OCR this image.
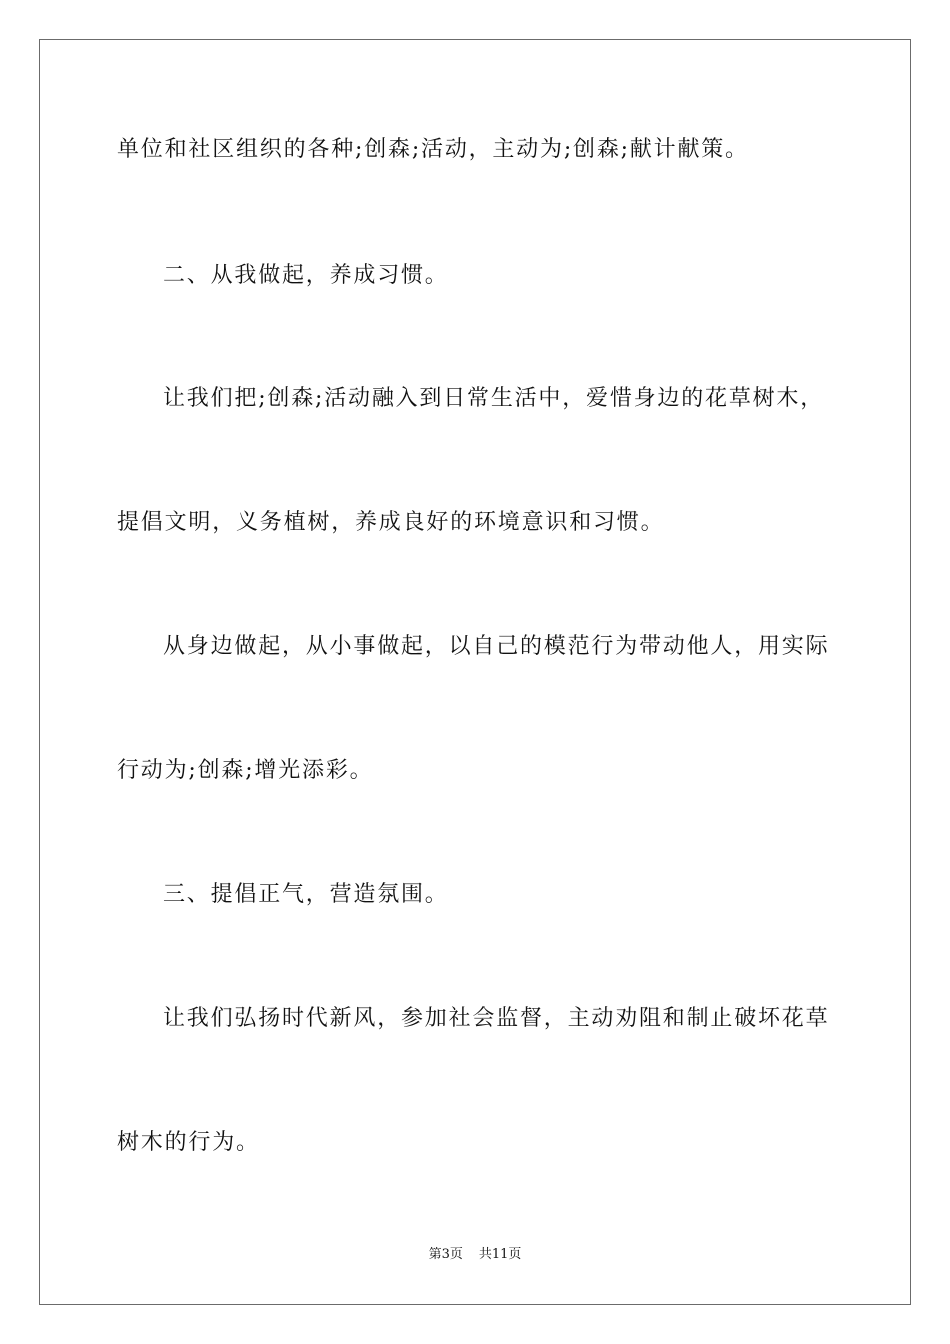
单位和社区组织的各种;创森;活动，主动为;创森;献计献策。
二、从我做起，养成习惯。
让我们把;创森;活动融入到日常生活中，爱惜身边的花草树木，
提倡文明，义务植树，养成良好的环境意识和习惯。
从身边做起，从小事做起，以自己的模范行为带动他人，用实际
行动为;创森;增光添彩。
三、提倡正气，营造氛围。
让我们弘扬时代新风，参加社会监督，主动劝阻和制止破坏花草
树木的行为。
第3页 共11页
